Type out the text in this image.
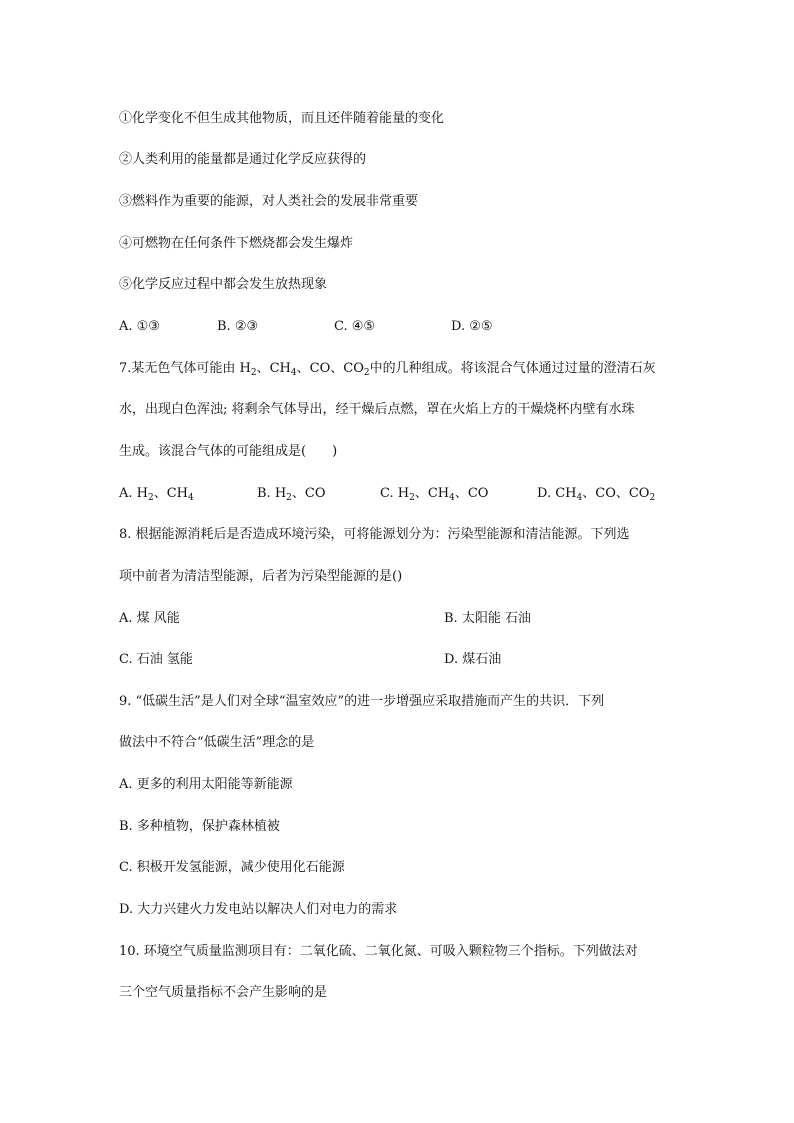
①化学变化不但生成其他物质，而且还伴随着能量的变化
②人类利用的能量都是通过化学反应获得的
③燃料作为重要的能源，对人类社会的发展非常重要
④可燃物在任何条件下燃烧都会发生爆炸
⑤化学反应过程中都会发生放热现象
A. ①③	B. ②③	C. ④⑤	D. ②⑤
7.某无色气体可能由 $H_2$、$CH_4$、CO、$CO_2$中的几种组成。将该混合气体通过过量的澄清石灰
水，出现白色浑浊; 将剩余气体导出，经干燥后点燃，罩在火焰上方的干燥烧杯内壁有水珠
生成。该混合气体的可能组成是(　　)
A. $H_2$、$CH_4$	B. $H_2$、CO	C. $H_2$、$CH_4$、CO	D. $CH_4$、CO、$CO_2$
8. 根据能源消耗后是否造成环境污染，可将能源划分为：污染型能源和清洁能源。下列选
项中前者为清洁型能源，后者为污染型能源的是()
A. 煤 风能	B. 太阳能 石油
C. 石油 氢能	D. 煤石油
9. “低碳生活”是人们对全球“温室效应”的进一步增强应采取措施而产生的共识．下列
做法中不符合“低碳生活”理念的是
A. 更多的利用太阳能等新能源
B. 多种植物，保护森林植被
C. 积极开发氢能源，减少使用化石能源
D. 大力兴建火力发电站以解决人们对电力的需求
10. 环境空气质量监测项目有：二氧化硫、二氧化氮、可吸入颗粒物三个指标。下列做法对
三个空气质量指标不会产生影响的是
